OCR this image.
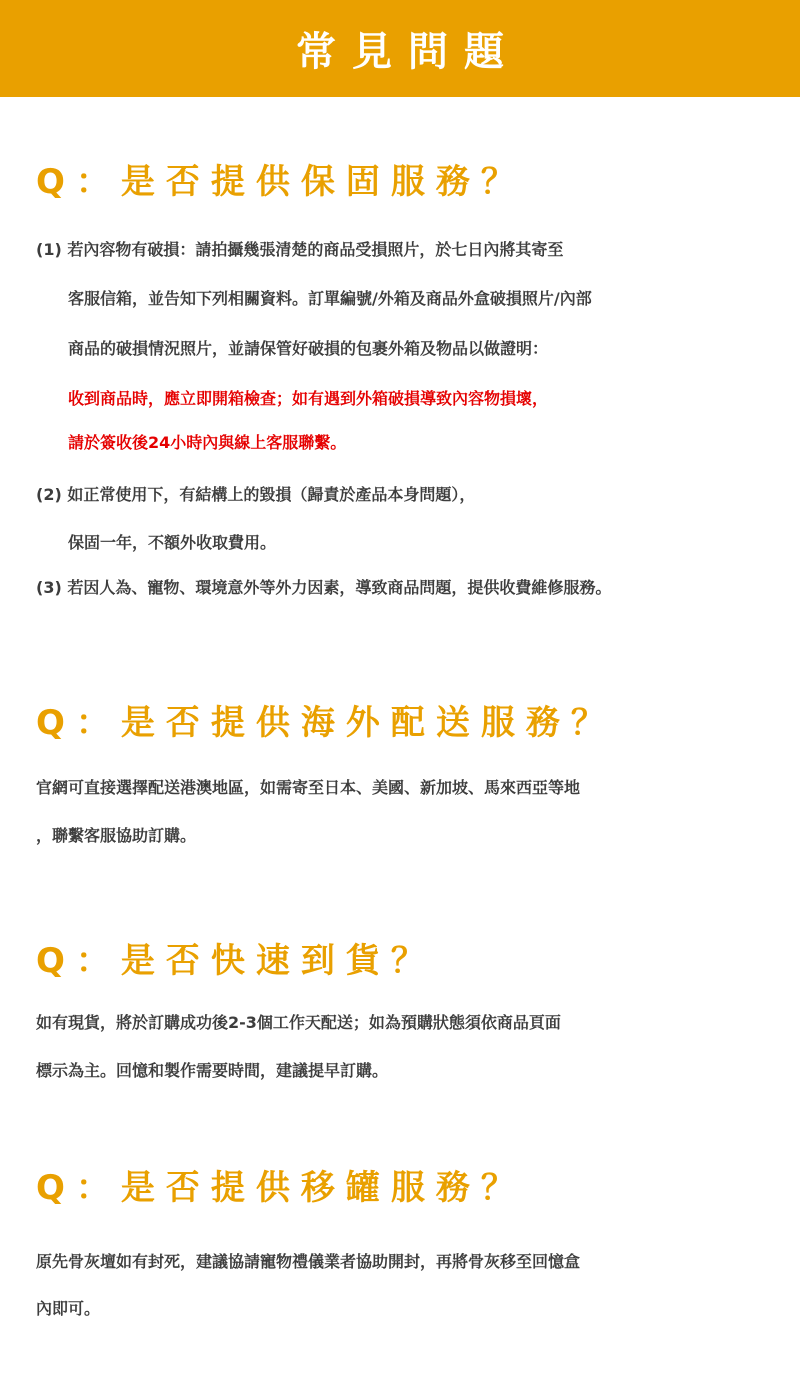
常見問題
Q：是否提供保固服務？
(1) 若內容物有破損：請拍攝幾張清楚的商品受損照片，於七日內將其寄至
客服信箱，並告知下列相關資料。訂單編號/外箱及商品外盒破損照片/內部
商品的破損情況照片，並請保管好破損的包裹外箱及物品以做證明：
收到商品時，應立即開箱檢查；如有遇到外箱破損導致內容物損壞，
請於簽收後24小時內與線上客服聯繫。
(2) 如正常使用下，有結構上的毀損（歸責於產品本身問題），
保固一年，不額外收取費用。
(3) 若因人為、寵物、環境意外等外力因素，導致商品問題，提供收費維修服務。
Q：是否提供海外配送服務？
官網可直接選擇配送港澳地區，如需寄至日本、美國、新加坡、馬來西亞等地
，聯繫客服協助訂購。
Q：是否快速到貨？
如有現貨，將於訂購成功後2-3個工作天配送；如為預購狀態須依商品頁面
標示為主。回憶和製作需要時間，建議提早訂購。
Q：是否提供移罐服務？
原先骨灰壇如有封死，建議協請寵物禮儀業者協助開封，再將骨灰移至回憶盒
內即可。
